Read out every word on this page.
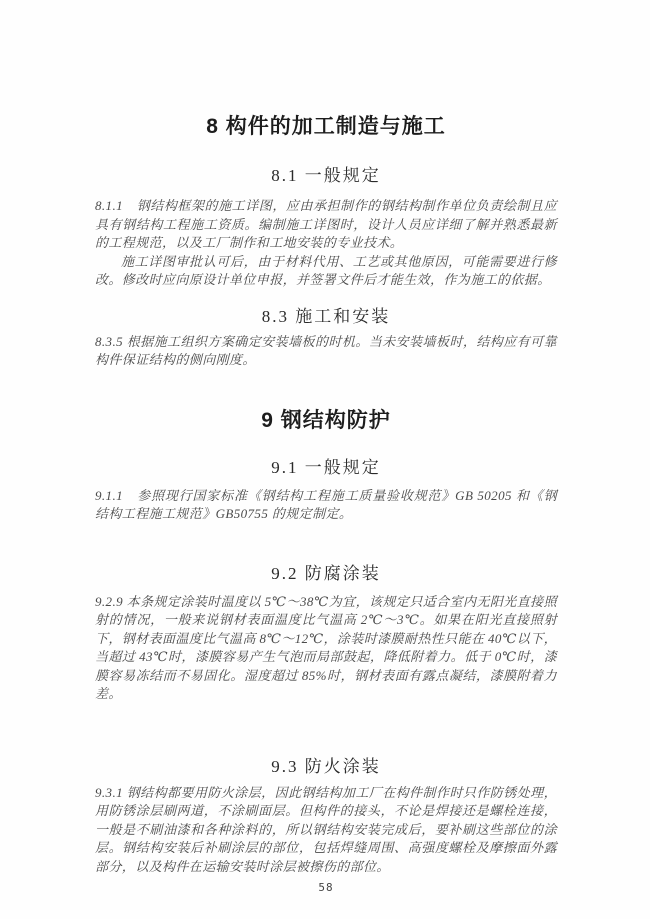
8 构件的加工制造与施工
8.1 一般规定

8.1.1　钢结构框架的施工详图，应由承担制作的钢结构制作单位负责绘制且应具有钢结构工程施工资质。编制施工详图时，设计人员应详细了解并熟悉最新的工程规范，以及工厂制作和工地安装的专业技术。

施工详图审批认可后，由于材料代用、工艺或其他原因，可能需要进行修改。修改时应向原设计单位申报，并签署文件后才能生效，作为施工的依据。

8.3 施工和安装

8.3.5 根据施工组织方案确定安装墙板的时机。当未安装墙板时，结构应有可靠构件保证结构的侧向刚度。

9 钢结构防护
9.1 一般规定

9.1.1　参照现行国家标准《钢结构工程施工质量验收规范》GB 50205 和《钢结构工程施工规范》GB50755 的规定制定。

9.2 防腐涂装

9.2.9 本条规定涂装时温度以 5℃～38℃为宜，该规定只适合室内无阳光直接照射的情况，一般来说钢材表面温度比气温高 2℃～3℃。如果在阳光直接照射下，钢材表面温度比气温高 8℃～12℃，涂装时漆膜耐热性只能在 40℃以下，当超过 43℃时，漆膜容易产生气泡而局部鼓起，降低附着力。低于 0℃时，漆膜容易冻结而不易固化。湿度超过 85%时，钢材表面有露点凝结，漆膜附着力差。

9.3 防火涂装

9.3.1 钢结构都要用防火涂层，因此钢结构加工厂在构件制作时只作防锈处理，用防锈涂层刷两道，不涂刷面层。但构件的接头，不论是焊接还是螺栓连接，一般是不刷油漆和各种涂料的，所以钢结构安装完成后，要补刷这些部位的涂层。钢结构安装后补刷涂层的部位，包括焊缝周围、高强度螺栓及摩擦面外露部分，以及构件在运输安装时涂层被擦伤的部位。

58
